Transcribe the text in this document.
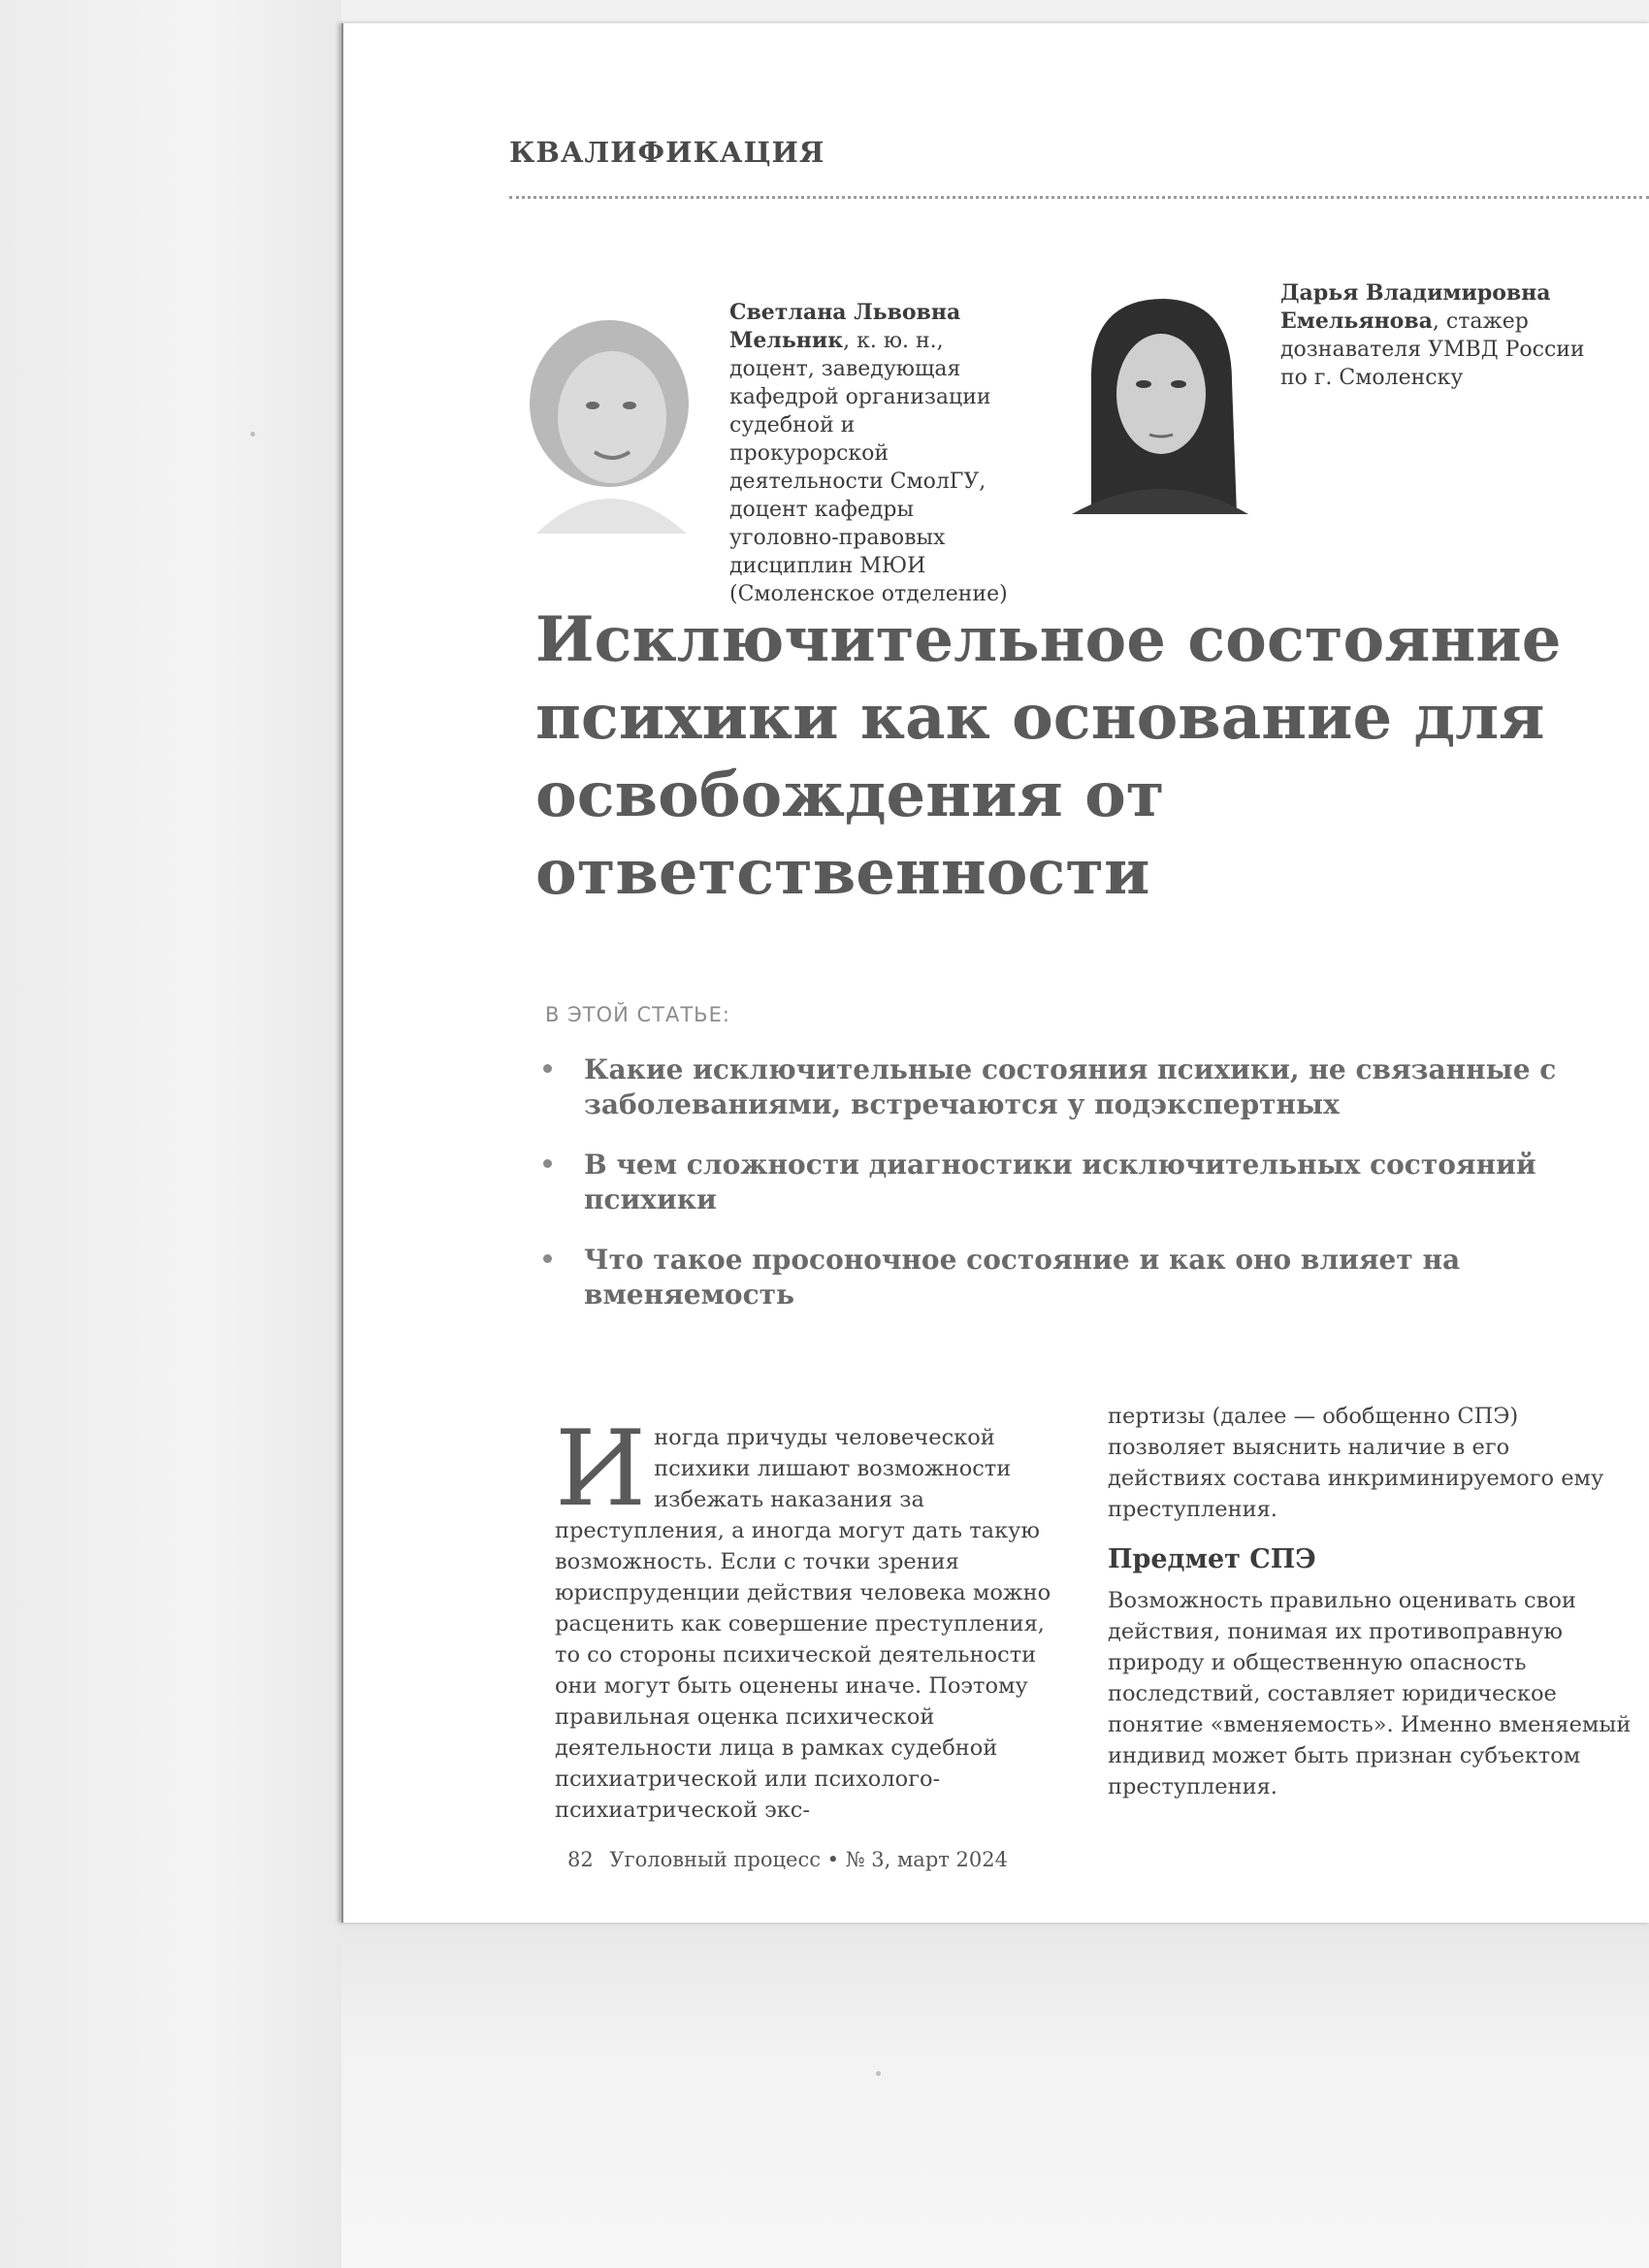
КВАЛИФИКАЦИЯ
Светлана Львовна Мельник, к. ю. н., доцент, заведующая кафедрой организации судебной и прокурорской деятельности СмолГУ, доцент кафедры уголовно-правовых дисциплин МЮИ (Смоленское отделение)
Дарья Владимировна Емельянова, стажер дознавателя УМВД России по г. Смоленску
Исключительное состояние психики как основание для освобождения от ответственности
В ЭТОЙ СТАТЬЕ:
Какие исключительные состояния психики, не связанные с заболеваниями, встречаются у подэкспертных
В чем сложности диагностики исключительных состояний психики
Что такое просоночное состояние и как оно влияет на вменяемость
И ногда причуды человеческой психики лишают возможности избежать наказания за преступления, а иногда могут дать такую возможность. Если с точки зрения юриспруденции действия человека можно расценить как совершение преступления, то со стороны психической деятельности они могут быть оценены иначе. Поэтому правильная оценка психической деятельности лица в рамках судебной психиатрической или психолого-психиатрической экс-

пертизы (далее — обобщенно СПЭ) позволяет выяснить наличие в его действиях состава инкриминируемого ему преступления.

Предмет СПЭ

Возможность правильно оценивать свои действия, понимая их противоправную природу и общественную опасность последствий, составляет юридическое понятие «вменяемость». Именно вменяемый индивид может быть признан субъектом преступления.

82 Уголовный процесс • № 3, март 2024
